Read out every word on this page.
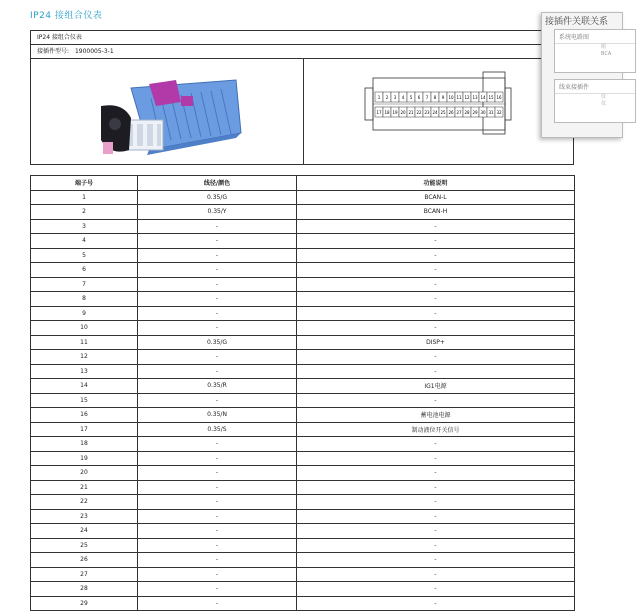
IP24 接组合仪表
IP24 接组合仪表
接插件型号: 1900005-3-1
1 2 3 4 5 6 7 8 9 10 11 12 13 14 15 16
17 18 19 20 21 22 23 24 25 26 27 28 29 30 31 32
端子号	线径/颜色	功能说明
1	0.35/G	BCAN-L
2	0.35/Y	BCAN-H
3	-	-
4	-	-
5	-	-
6	-	-
7	-	-
8	-	-
9	-	-
10	-	-
11	0.35/G	DISP+
12	-	-
13	-	-
14	0.35/R	IG1电源
15	-	-
16	0.35/N	蓄电池电源
17	0.35/S	制动液位开关信号
18	-	-
19	-	-
20	-	-
21	-	-
22	-	-
23	-	-
24	-	-
25	-	-
26	-	-
27	-	-
28	-	-
29	-	-
接插件关联关系
系统电路图
组
BCA
线束接插件
仪
仪
